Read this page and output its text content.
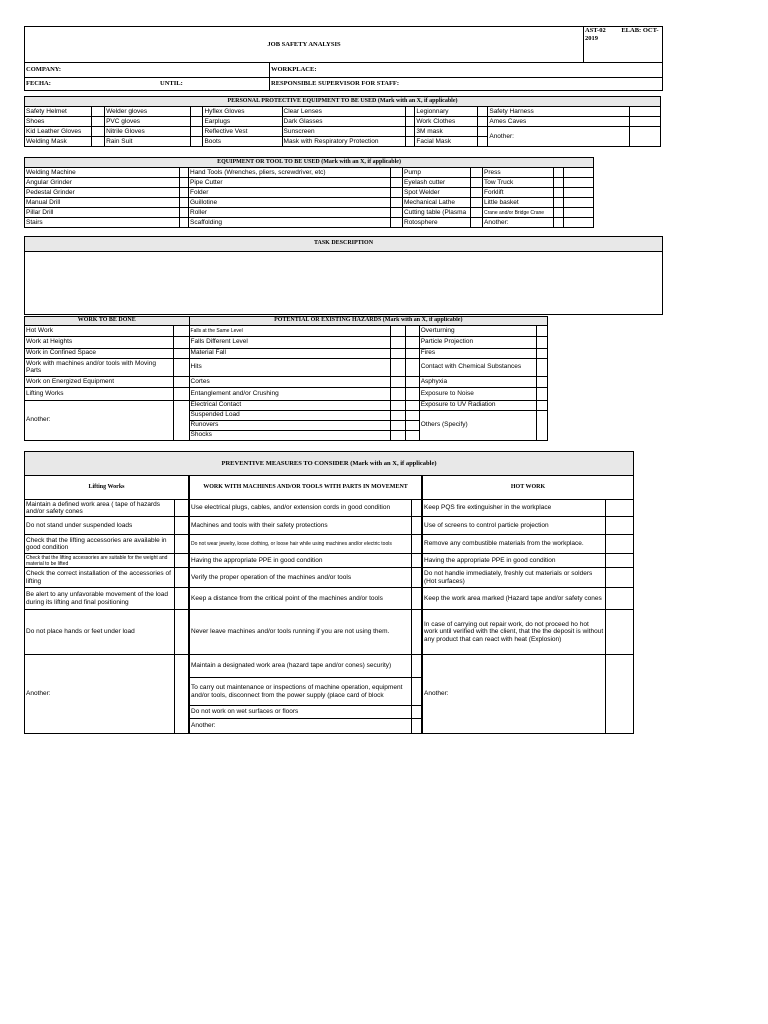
JOB SAFETY ANALYSIS		AST-02 ELAB: OCT-
2019
COMPANY:	WORKPLACE:	
FECHA: UNTIL:	RESPONSIBLE SUPERVISOR FOR STAFF:	
PERSONAL PROTECTIVE EQUIPMENT TO BE USED (Mark with an X, if applicable)										
Safety Helmet		Welder gloves		Hyflex Gloves	Clear Lenses		Legionnary		Safety Harness	
Shoes		PVC gloves		Earplugs	Dark Glasses		Work Clothes		Ames Caves	
Kid Leather Gloves		Nitrile Gloves		Reflective Vest	Sunscreen		3M mask		Another:	
Welding Mask		Rain Suit		Boots	Mask with Respiratory Protection		Facial Mask			
EQUIPMENT OR TOOL TO BE USED (Mark with an X, if applicable)								
Welding Machine		Hand Tools (Wrenches, pliers, screwdriver, etc)		Pump		Press		
Angular Grinder		Pipe Cutter		Eyelash cutter		Tow Truck		
Pedestal Grinder		Folder		Spot Welder		Forklift		
Manual Drill		Guillotine		Mechanical Lathe		Little basket		
Pillar Drill		Roller		Cutting table (Plasma		Crane and/or Bridge Crane		
Stairs		Scaffolding		Rotosphere		Another:		
TASK DESCRIPTION

WORK TO BE DONE		POTENTIAL OR EXISTING HAZARDS (Mark with an X, if applicable)				
Hot Work		Falls at the Same Level			Overturning	
Work at Heights		Falls Different Level			Particle Projection	
Work in Confined Space		Material Fall			Fires	
Work with machines and/or tools with Moving Parts		Hits			Contact with Chemical Substances	
Work on Energized Equipment		Cortes			Asphyxia	
Lifting Works		Entanglement and/or Crushing			Exposure to Noise	
Another:		Electrical Contact			Exposure to UV Radiation	
		Suspended Load			Others (Specify)	
		Runovers				
		Shocks				
PREVENTIVE MEASURES TO CONSIDER (Mark with an X, if applicable)					
Lifting Works		WORK WITH MACHINES AND/OR TOOLS WITH PARTS IN MOVEMENT		HOT WORK	
Maintain a defined work area ( tape of hazards and/or safety cones			Use electrical plugs, cables, and/or extension cords in good condition			Keep PQS fire extinguisher in the workplace	
Do not stand under suspended loads			Machines and tools with their safety protections			Use of screens to control particle projection	
Check that the lifting accessories are available in good condition			Do not wear jewelry, loose clothing, or loose hair while using machines and/or electric tools			Remove any combustible materials from the workplace.	
Check that the lifting accessories are suitable for the weight and material to be lifted			Having the appropriate PPE in good condition			Having the appropriate PPE in good condition	
Check the correct installation of the accessories of lifting			Verify the proper operation of the machines and/or tools			Do not handle immediately, freshly cut materials or solders (Hot surfaces)	
Be alert to any unfavorable movement of the load during its lifting and final positioning			Keep a distance from the critical point of the machines and/or tools			Keep the work area marked (Hazard tape and/or safety cones	
Do not place hands or feet under load			Never leave machines and/or tools running if you are not using them.			In case of carrying out repair work, do not proceed ho hot work until verified with the client, that the the deposit is without any product that can react with heat (Explosion)	
Another:			Maintain a designated work area (hazard tape and/or cones) security)			Another:	
		To carry out maintenance or inspections of machine operation, equipment and/or tools, disconnect from the power supply (place card of block			
		Do not work on wet surfaces or floors			
		Another:			
